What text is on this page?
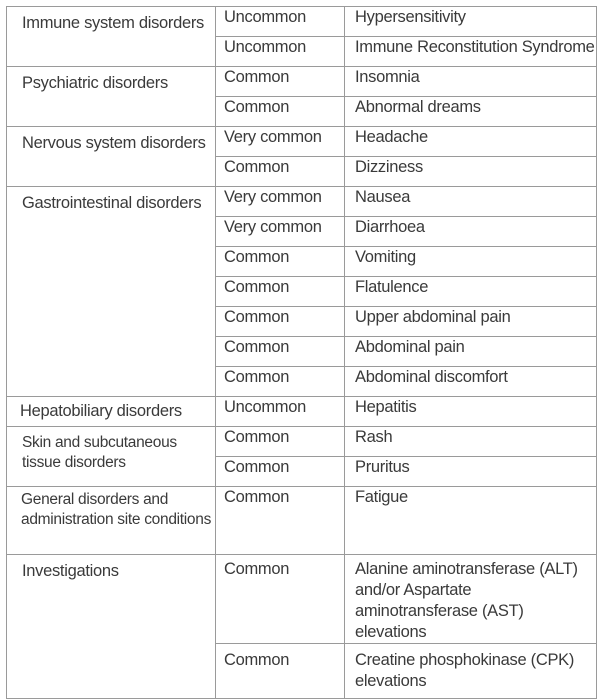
Immune system disorders	Uncommon	Hypersensitivity
	Uncommon	Immune Reconstitution Syndrome

Psychiatric disorders	Common	Insomnia
	Common	Abnormal dreams

Nervous system disorders	Very common	Headache
	Common	Dizziness

Gastrointestinal disorders	Very common	Nausea
	Very common	Diarrhoea
	Common	Vomiting
	Common	Flatulence
	Common	Upper abdominal pain
	Common	Abdominal pain
	Common	Abdominal discomfort

Hepatobiliary disorders	Uncommon	Hepatitis

Skin and subcutaneous tissue disorders	Common	Rash
	Common	Pruritus

General disorders and administration site conditions	Common	Fatigue

Investigations	Common	Alanine aminotransferase (ALT) and/or Aspartate aminotransferase (AST) elevations
	Common	Creatine phosphokinase (CPK) elevations
